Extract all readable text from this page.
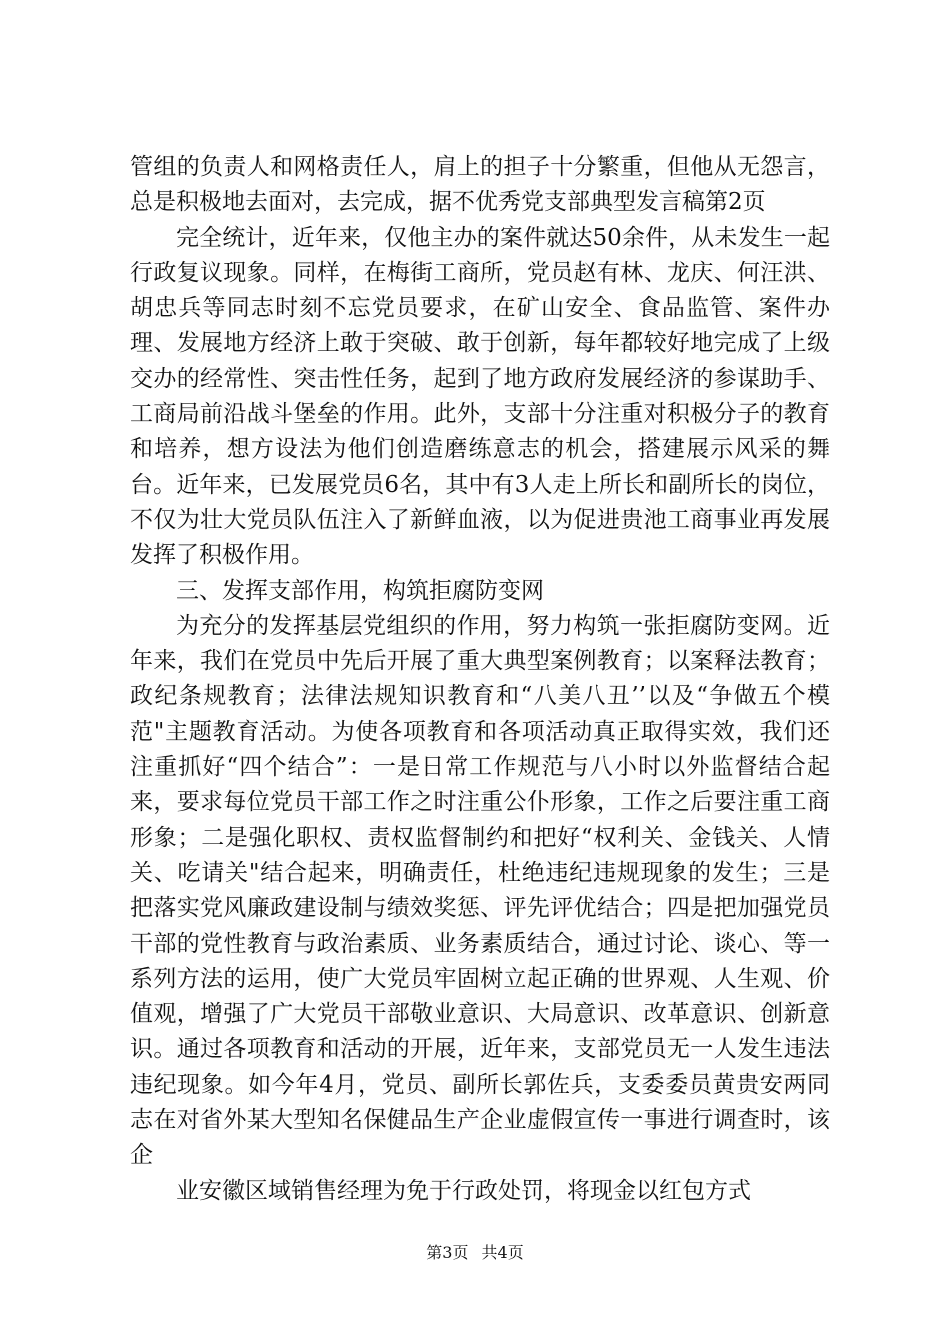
管组的负责人和网格责任人，肩上的担子十分繁重，但他从无怨言，总是积极地去面对，去完成，据不优秀党支部典型发言稿第2页

完全统计，近年来，仅他主办的案件就达50余件，从未发生一起行政复议现象。同样，在梅街工商所，党员赵有林、龙庆、何汪洪、胡忠兵等同志时刻不忘党员要求，在矿山安全、食品监管、案件办理、发展地方经济上敢于突破、敢于创新，每年都较好地完成了上级交办的经常性、突击性任务，起到了地方政府发展经济的参谋助手、工商局前沿战斗堡垒的作用。此外，支部十分注重对积极分子的教育和培养，想方设法为他们创造磨练意志的机会，搭建展示风采的舞台。近年来，已发展党员6名，其中有3人走上所长和副所长的岗位，不仅为壮大党员队伍注入了新鲜血液，以为促进贵池工商事业再发展发挥了积极作用。

三、发挥支部作用，构筑拒腐防变网

为充分的发挥基层党组织的作用，努力构筑一张拒腐防变网。近年来，我们在党员中先后开展了重大典型案例教育；以案释法教育；政纪条规教育；法律法规知识教育和“八美八丑’’以及“争做五个模范"主题教育活动。为使各项教育和各项活动真正取得实效，我们还注重抓好“四个结合”：一是日常工作规范与八小时以外监督结合起来，要求每位党员干部工作之时注重公仆形象，工作之后要注重工商形象；二是强化职权、责权监督制约和把好“权利关、金钱关、人情关、吃请关"结合起来，明确责任，杜绝违纪违规现象的发生；三是把落实党风廉政建设制与绩效奖惩、评先评优结合；四是把加强党员干部的党性教育与政治素质、业务素质结合，通过讨论、谈心、等一系列方法的运用，使广大党员牢固树立起正确的世界观、人生观、价值观，增强了广大党员干部敬业意识、大局意识、改革意识、创新意识。通过各项教育和活动的开展，近年来，支部党员无一人发生违法违纪现象。如今年4月，党员、副所长郭佐兵，支委委员黄贵安两同志在对省外某大型知名保健品生产企业虚假宣传一事进行调查时，该企

业安徽区域销售经理为免于行政处罚，将现金以红包方式

第3页 共4页
